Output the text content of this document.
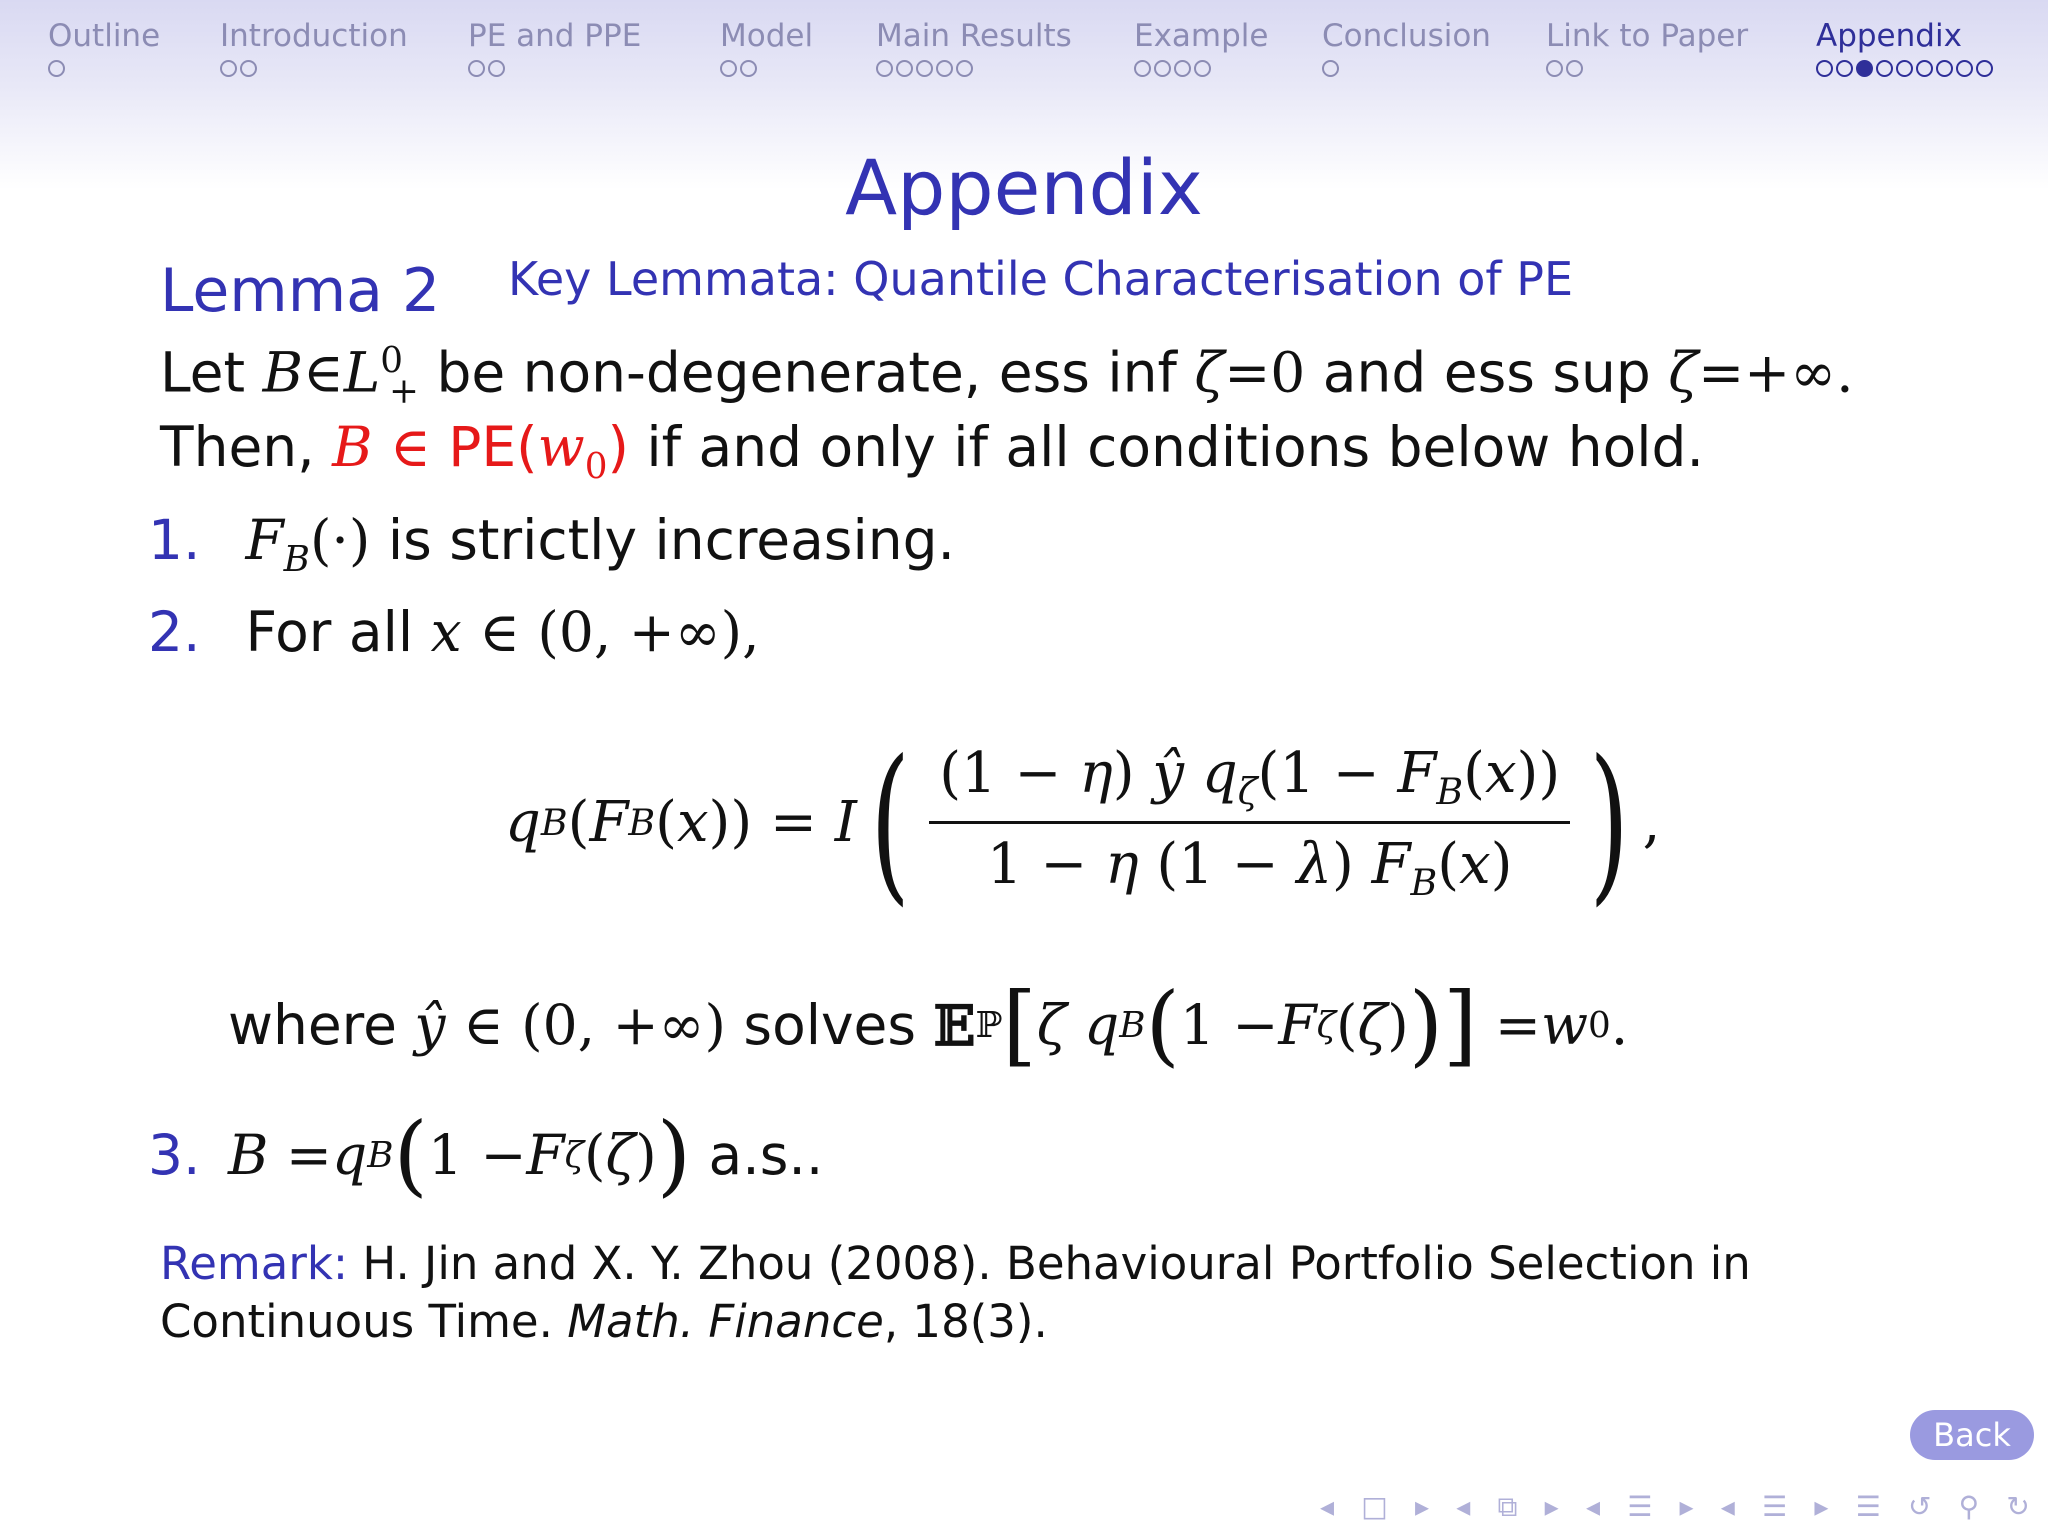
Outline Introduction PE and PPE	Model Main Results Example Conclusion Link to Paper Appendix
Appendix
Lemma 2 Key Lemmata: Quantile Characterisation of PE
Let $B\in L^0_+$ be non-degenerate, ess inf ζ=0 and ess sup ζ=+∞.
Then, B ∈ $PE(w_0)$ if and only if all conditions below hold.
1. $F_B(\cdot)$ is strictly increasing.
2. For all x ∈ (0, +∞),
q B ( F B ( x )) = I ( $\frac{(1 - \eta) ŷ q_\zeta(1 - F_B(x))}{1 - \eta (1 - \lambda) F_B(x)}$ ) ,
where
ŷ
∈ (0, +∞)
solves
𝔼 ℙ [ ζ q B ( 1 − F ζ ( ζ ) ) ] = w 0 .
3. B = q B ( 1 − F ζ ( ζ ) )
a.s..
Remark: H. Jin and X. Y. Zhou (2008). Behavioural Portfolio Selection in Continuous Time. Math. Finance, 18(3).
Back
◂ □ ▸ ◂ ⧉ ▸ ◂ ☰ ▸ ◂ ☰ ▸ ☰ ↺ ⚲ ↻
